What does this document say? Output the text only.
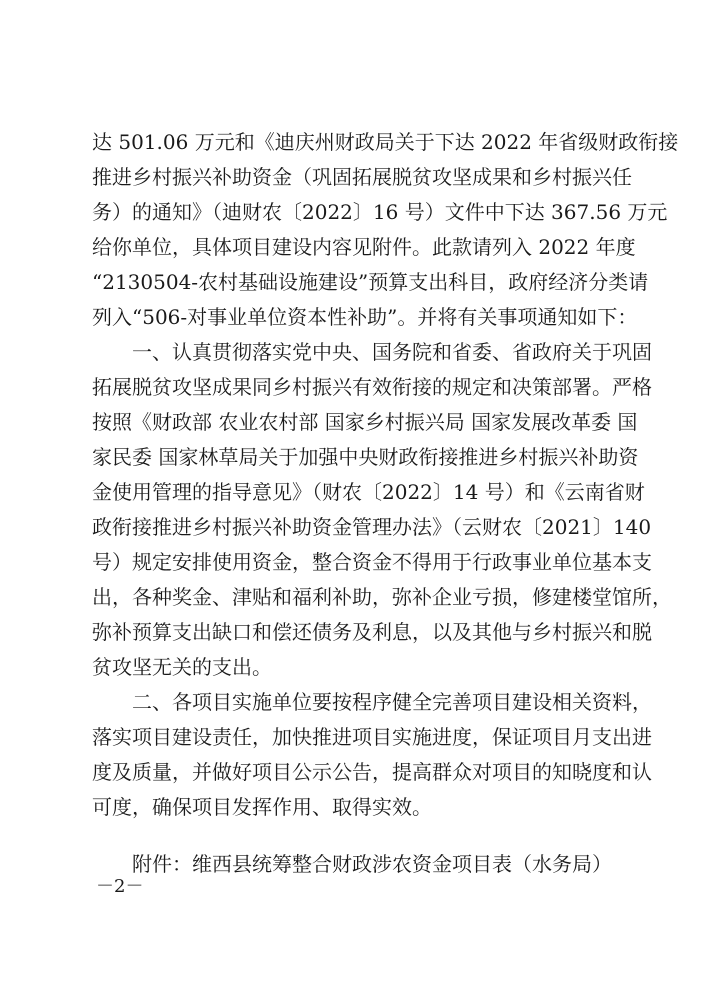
达 501.06 万元和《迪庆州财政局关于下达 2022 年省级财政衔接
推进乡村振兴补助资金（巩固拓展脱贫攻坚成果和乡村振兴任
务）的通知》（迪财农〔2022〕16 号）文件中下达 367.56 万元
给你单位，具体项目建设内容见附件。此款请列入 2022 年度
“2130504-农村基础设施建设”预算支出科目，政府经济分类请
列入“506-对事业单位资本性补助”。并将有关事项通知如下：
一、认真贯彻落实党中央、国务院和省委、省政府关于巩固
拓展脱贫攻坚成果同乡村振兴有效衔接的规定和决策部署。严格
按照《财政部 农业农村部 国家乡村振兴局 国家发展改革委 国
家民委 国家林草局关于加强中央财政衔接推进乡村振兴补助资
金使用管理的指导意见》（财农〔2022〕14 号）和《云南省财
政衔接推进乡村振兴补助资金管理办法》（云财农〔2021〕140
号）规定安排使用资金，整合资金不得用于行政事业单位基本支
出，各种奖金、津贴和福利补助，弥补企业亏损，修建楼堂馆所，
弥补预算支出缺口和偿还债务及利息，以及其他与乡村振兴和脱
贫攻坚无关的支出。
二、各项目实施单位要按程序健全完善项目建设相关资料，
落实项目建设责任，加快推进项目实施进度，保证项目月支出进
度及质量，并做好项目公示公告，提高群众对项目的知晓度和认
可度，确保项目发挥作用、取得实效。
附件：维西县统筹整合财政涉农资金项目表（水务局）
－2－
